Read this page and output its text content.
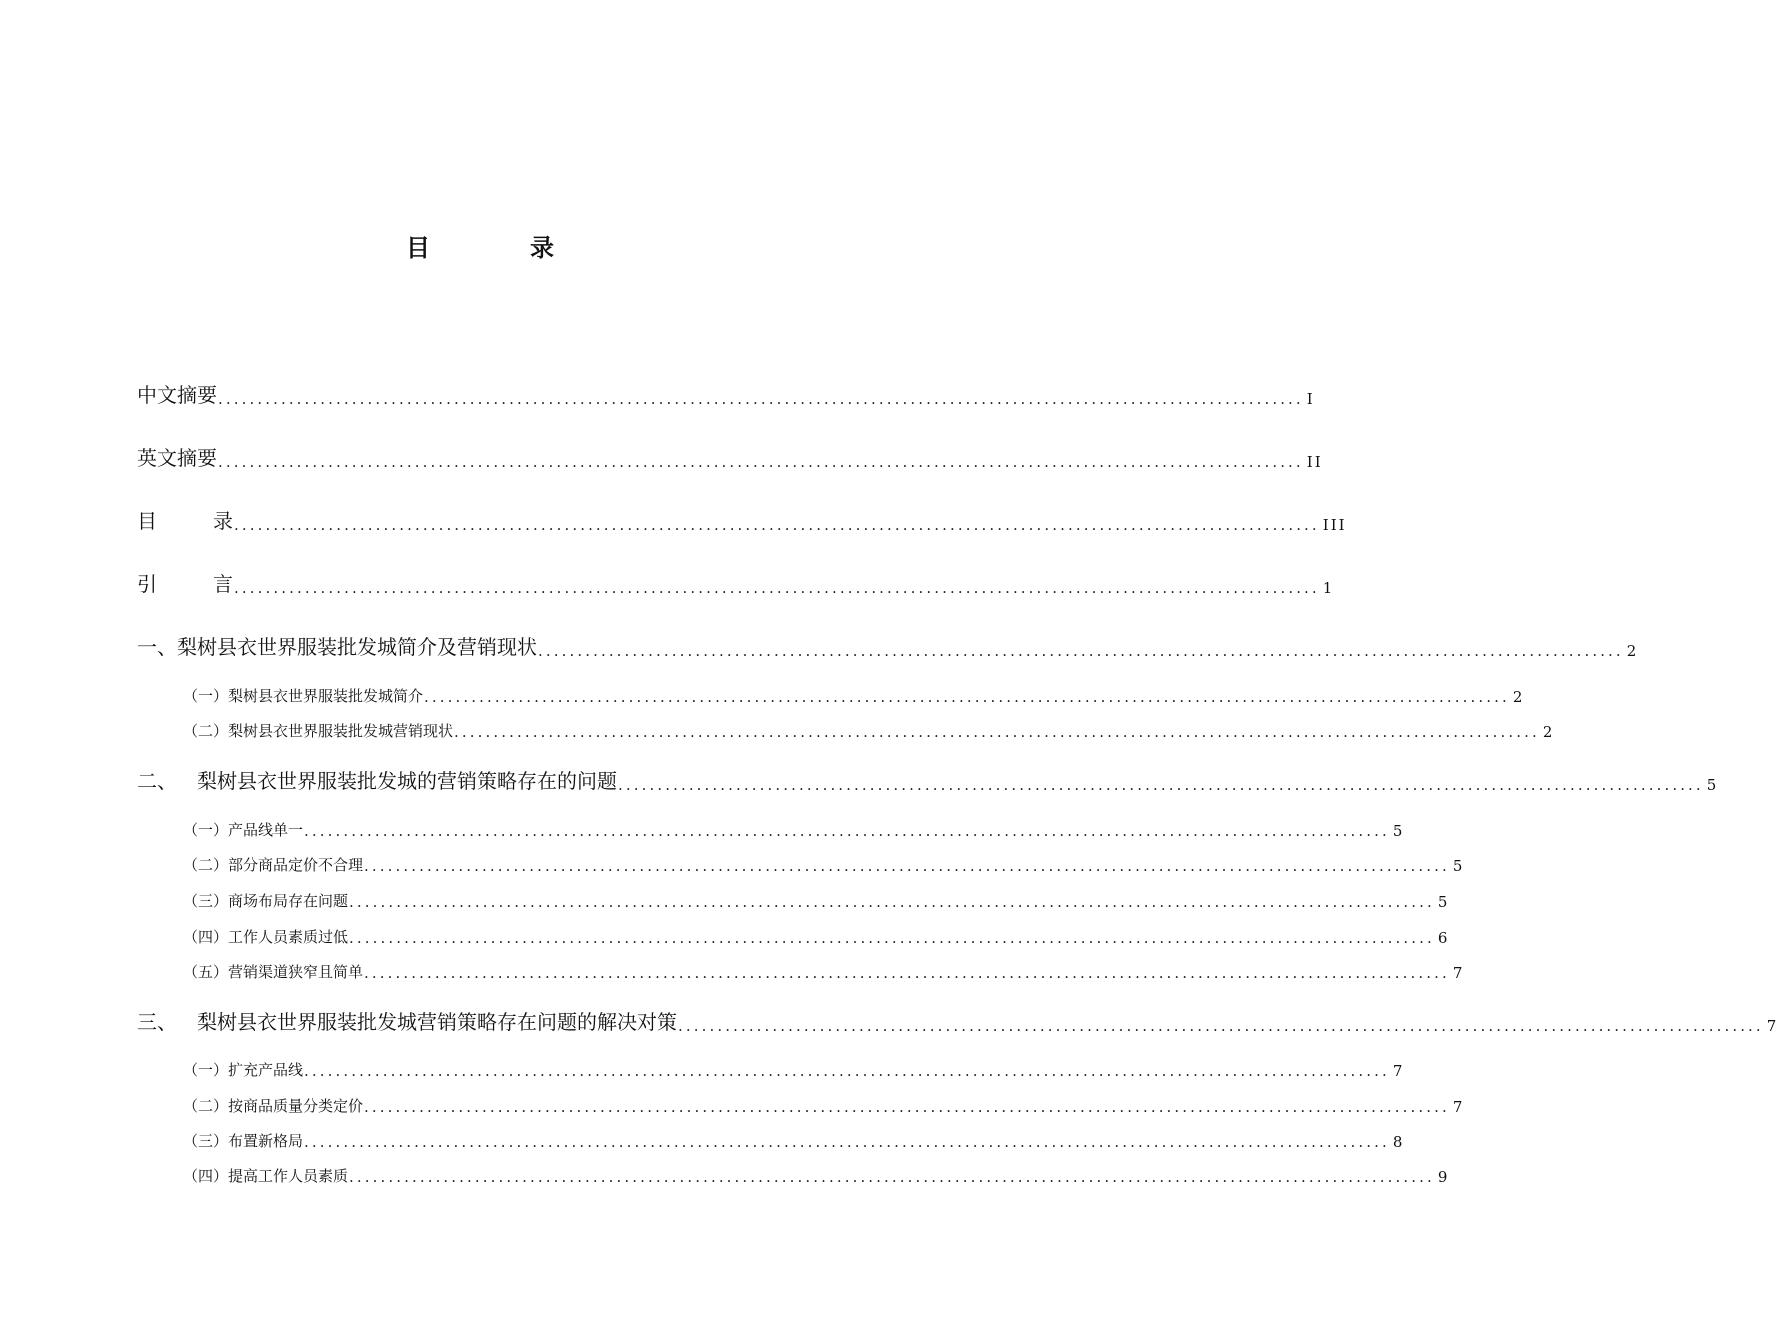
目　录
中文摘要 .......................................................................................................................................... I
英文摘要 .......................................................................................................................................... II
目录 .......................................................................................................................................... III
引言 .......................................................................................................................................... 1
一、梨树县衣世界服装批发城简介及营销现状 .......................................................................................................................................... 2
（一）梨树县衣世界服装批发城简介 .......................................................................................................................................... 2
（二）梨树县衣世界服装批发城营销现状 .......................................................................................................................................... 2
二、 梨树县衣世界服装批发城的营销策略存在的问题 .......................................................................................................................................... 5
（一）产品线单一 .......................................................................................................................................... 5
（二）部分商品定价不合理 .......................................................................................................................................... 5
（三）商场布局存在问题 .......................................................................................................................................... 5
（四）工作人员素质过低 .......................................................................................................................................... 6
（五）营销渠道狭窄且简单 .......................................................................................................................................... 7
三、 梨树县衣世界服装批发城营销策略存在问题的解决对策 .......................................................................................................................................... 7
（一）扩充产品线 .......................................................................................................................................... 7
（二）按商品质量分类定价 .......................................................................................................................................... 7
（三）布置新格局 .......................................................................................................................................... 8
（四）提高工作人员素质 .......................................................................................................................................... 9
